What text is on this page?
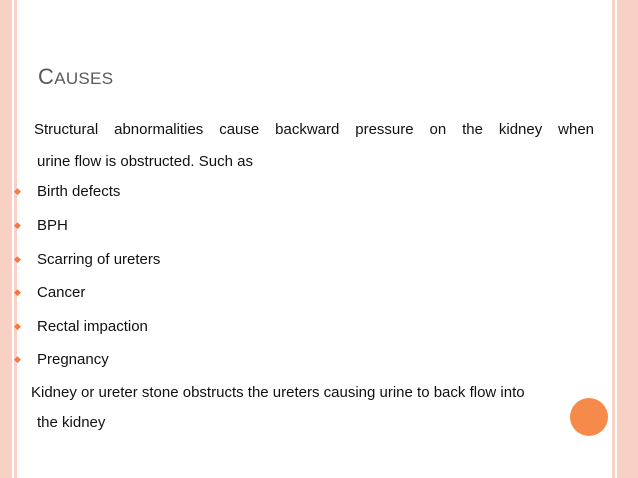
CAUSES
Structural abnormalities cause backward pressure on the kidney when
urine flow is obstructed. Such as
◆	Birth defects
◆	BPH
◆	Scarring of ureters
◆	Cancer
◆	Rectal impaction
◆	Pregnancy
Kidney or ureter stone obstructs the ureters causing urine to back flow into
the kidney
